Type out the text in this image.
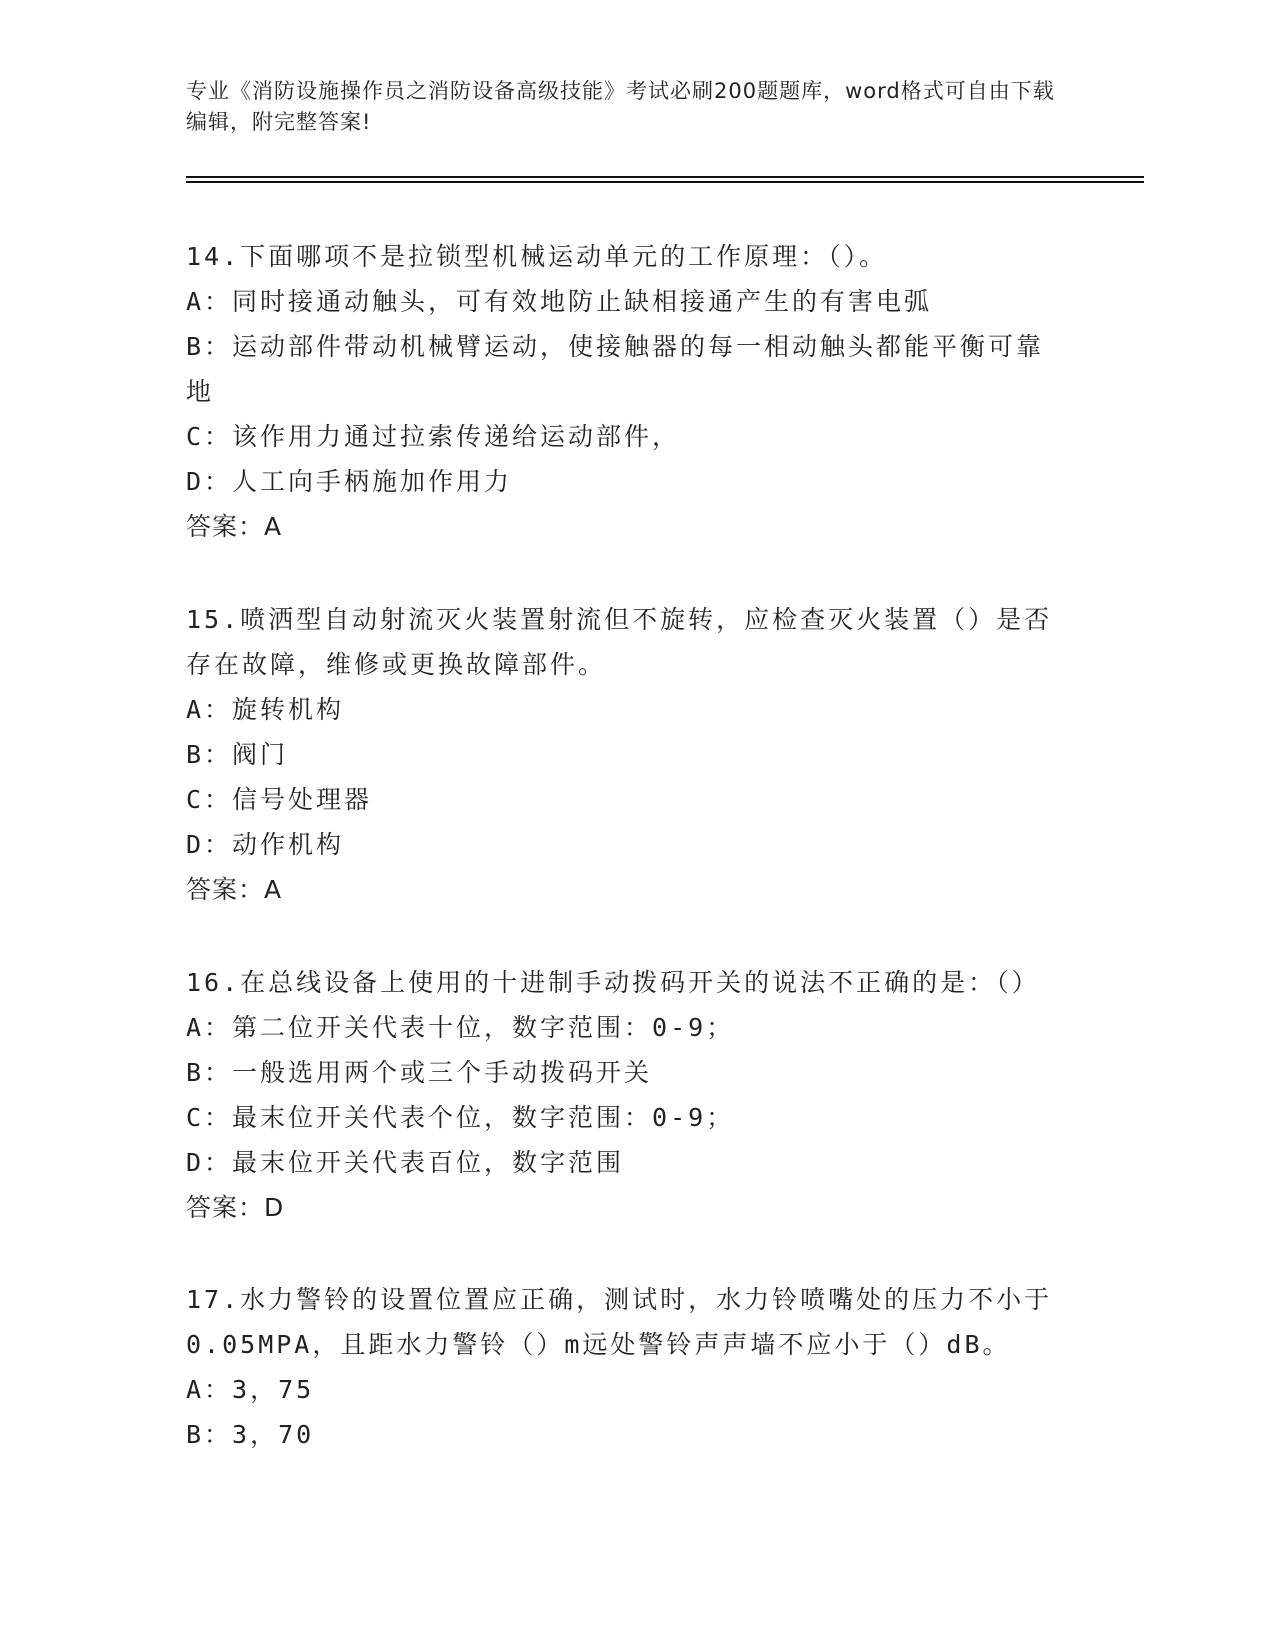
专业《消防设施操作员之消防设备高级技能》考试必刷200题题库，word格式可自由下载编辑，附完整答案!

14.下面哪项不是拉锁型机械运动单元的工作原理：（）。

A：同时接通动触头，可有效地防止缺相接通产生的有害电弧

B：运动部件带动机械臂运动，使接触器的每一相动触头都能平衡可靠地

C：该作用力通过拉索传递给运动部件，

D：人工向手柄施加作用力

答案：A

15.喷洒型自动射流灭火装置射流但不旋转，应检查灭火装置（）是否存在故障，维修或更换故障部件。

A：旋转机构

B：阀门

C：信号处理器

D：动作机构

答案：A

16.在总线设备上使用的十进制手动拨码开关的说法不正确的是：（）

A：第二位开关代表十位，数字范围：0-9；

B：一般选用两个或三个手动拨码开关

C：最末位开关代表个位，数字范围：0-9；

D：最末位开关代表百位，数字范围

答案：D

17.水力警铃的设置位置应正确，测试时，水力铃喷嘴处的压力不小于0.05MPA，且距水力警铃（）m远处警铃声声墙不应小于（）dB。

A：3，75

B：3，70
